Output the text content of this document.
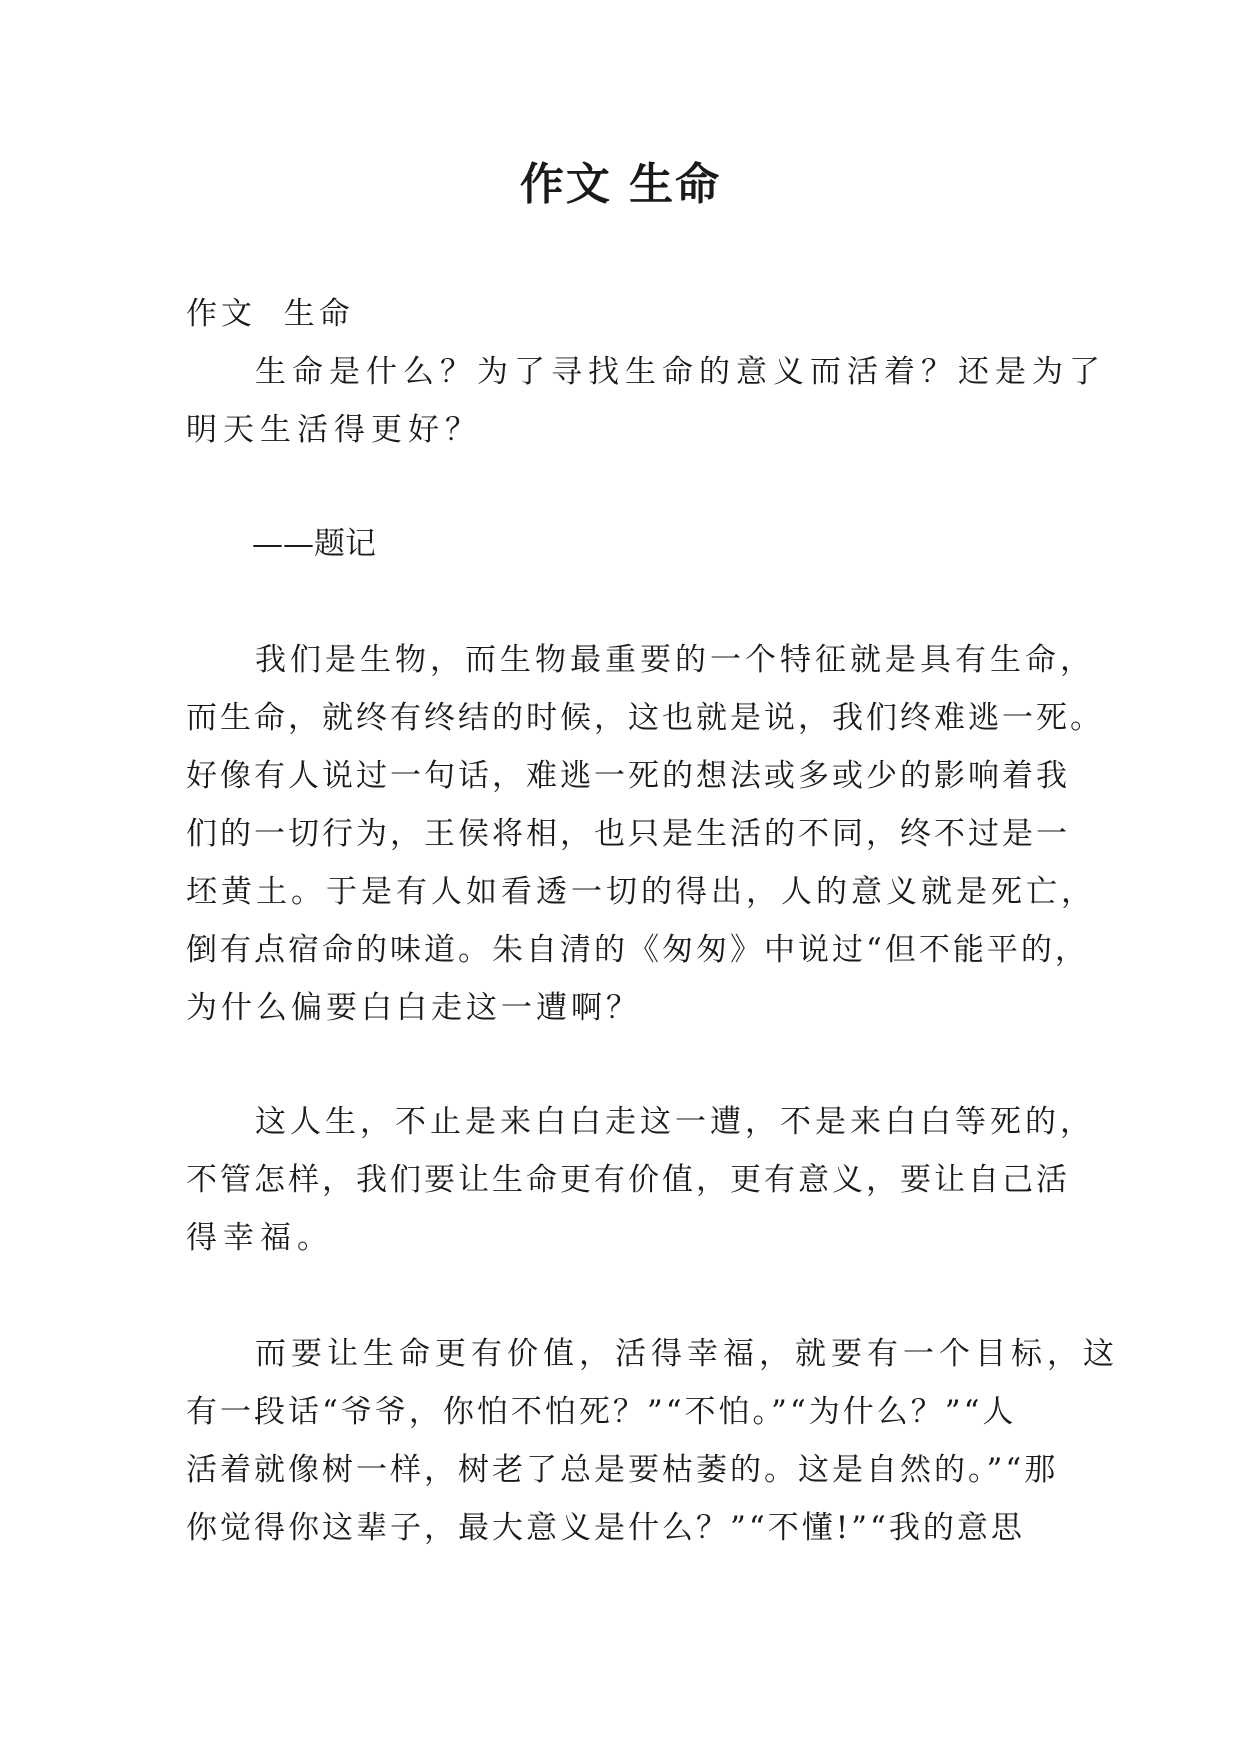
作文 生命
作文  生命
生命是什么？为了寻找生命的意义而活着？还是为了
明天生活得更好？
——题记
我们是生物，而生物最重要的一个特征就是具有生命，
而生命，就终有终结的时候，这也就是说，我们终难逃一死。
好像有人说过一句话，难逃一死的想法或多或少的影响着我
们的一切行为，王侯将相，也只是生活的不同，终不过是一
坯黄土。于是有人如看透一切的得出，人的意义就是死亡，
倒有点宿命的味道。朱自清的《匆匆》中说过“但不能平的，
为什么偏要白白走这一遭啊？
这人生，不止是来白白走这一遭，不是来白白等死的，
不管怎样，我们要让生命更有价值，更有意义，要让自己活
得幸福。
而要让生命更有价值，活得幸福，就要有一个目标，这
有一段话“爷爷，你怕不怕死？”“不怕。”“为什么？”“人
活着就像树一样，树老了总是要枯萎的。这是自然的。”“那
你觉得你这辈子，最大意义是什么？”“不懂!”“我的意思
